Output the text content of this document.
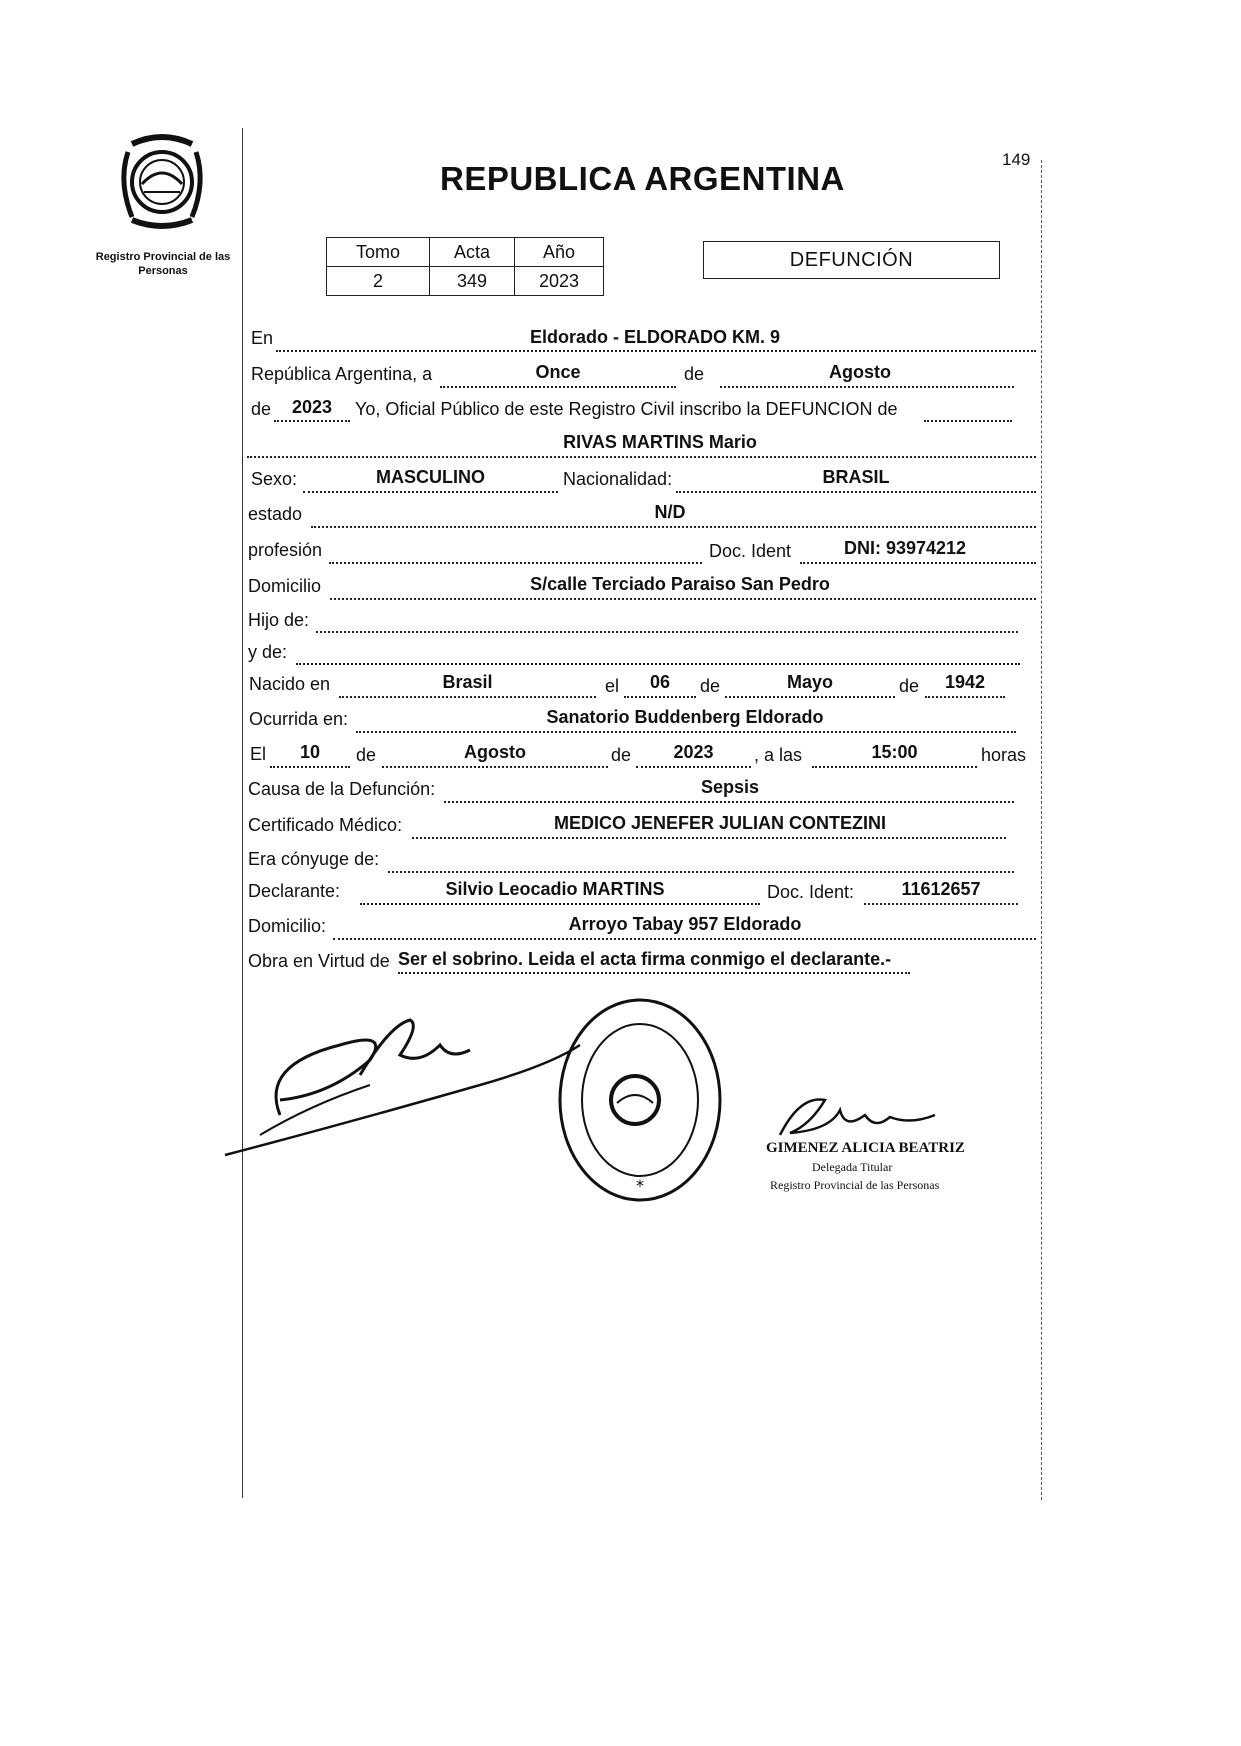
149
Registro Provincial de las Personas
REPUBLICA ARGENTINA
Tomo	Acta	Año
2	349	2023
DEFUNCIÓN
En	Eldorado - ELDORADO KM. 9
República Argentina, a	Once	de	Agosto
de	2023	Yo, Oficial Público de este Registro Civil inscribo la DEFUNCION de
RIVAS MARTINS Mario
Sexo:	MASCULINO	Nacionalidad:	BRASIL
estado	N/D
profesión	Doc. Ident	DNI: 93974212
Domicilio	S/calle Terciado Paraiso San Pedro
Hijo de:
y de:
Nacido en	Brasil	el	06	de	Mayo	de	1942
Ocurrida en:	Sanatorio Buddenberg Eldorado
El	10	de	Agosto	de	2023	, a las	15:00	horas
Causa de la Defunción:	Sepsis
Certificado Médico:	MEDICO JENEFER JULIAN CONTEZINI
Era cónyuge de:
Declarante:	Silvio Leocadio MARTINS	Doc. Ident:	11612657
Domicilio:	Arroyo Tabay 957 Eldorado
Obra en Virtud de Ser el sobrino. Leida el acta firma conmigo el declarante.-
*
GIMENEZ ALICIA BEATRIZ
Delegada Titular
Registro Provincial de las Personas
